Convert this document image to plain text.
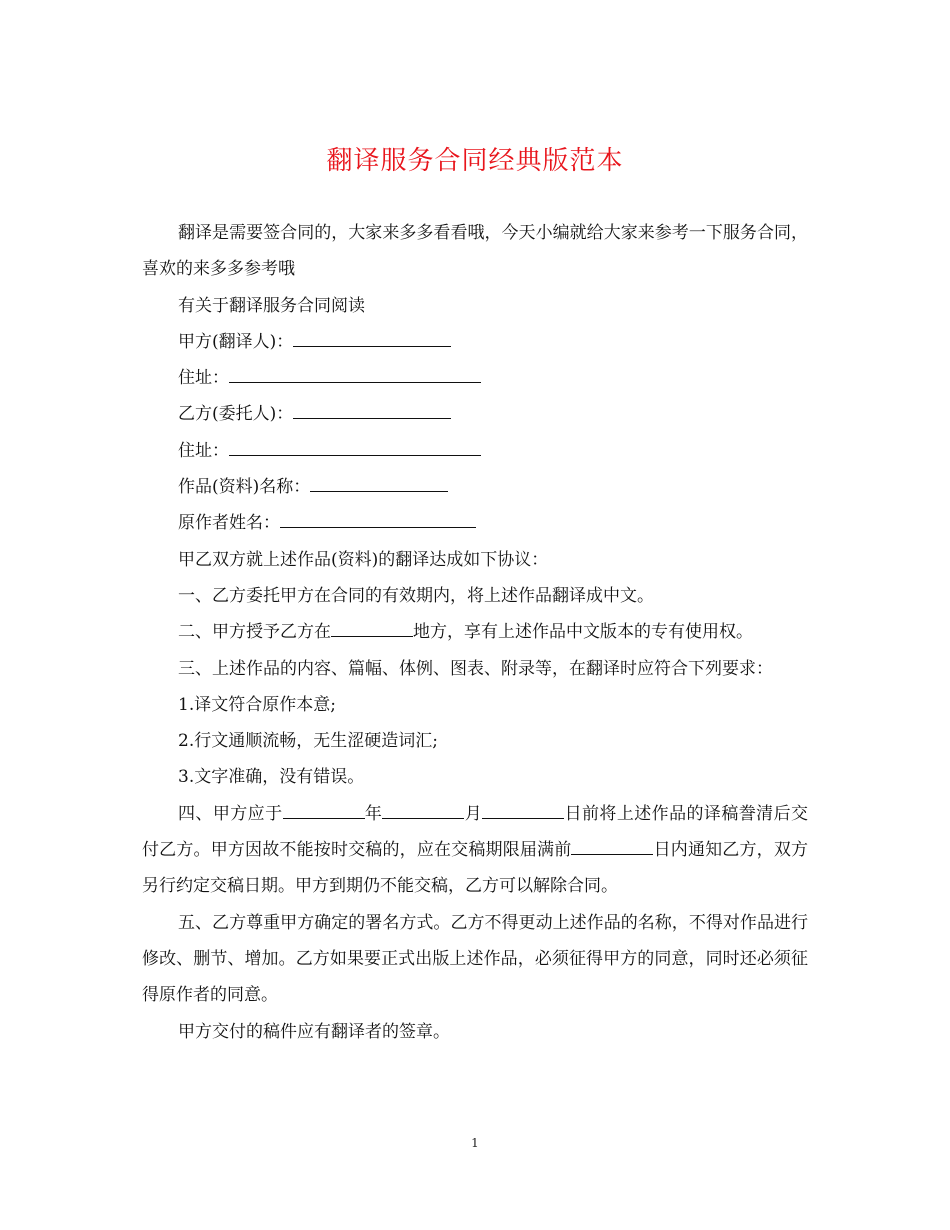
翻译服务合同经典版范本

翻译是需要签合同的，大家来多多看看哦，今天小编就给大家来参考一下服务合同，喜欢的来多多参考哦

有关于翻译服务合同阅读

甲方(翻译人)：

住址：

乙方(委托人)：

住址：

作品(资料)名称：

原作者姓名：

甲乙双方就上述作品(资料)的翻译达成如下协议：

一、乙方委托甲方在合同的有效期内，将上述作品翻译成中文。

二、甲方授予乙方在	地方，享有上述作品中文版本的专有使用权。

三、上述作品的内容、篇幅、体例、图表、附录等，在翻译时应符合下列要求：

1.译文符合原作本意;

2.行文通顺流畅，无生涩硬造词汇;

3.文字准确，没有错误。

四、甲方应于	年	月	日前将上述作品的译稿誊清后交付乙方。甲方因故不能按时交稿的，应在交稿期限届满前	日内通知乙方，双方另行约定交稿日期。甲方到期仍不能交稿，乙方可以解除合同。

五、乙方尊重甲方确定的署名方式。乙方不得更动上述作品的名称，不得对作品进行修改、删节、增加。乙方如果要正式出版上述作品，必须征得甲方的同意，同时还必须征得原作者的同意。

甲方交付的稿件应有翻译者的签章。

1
